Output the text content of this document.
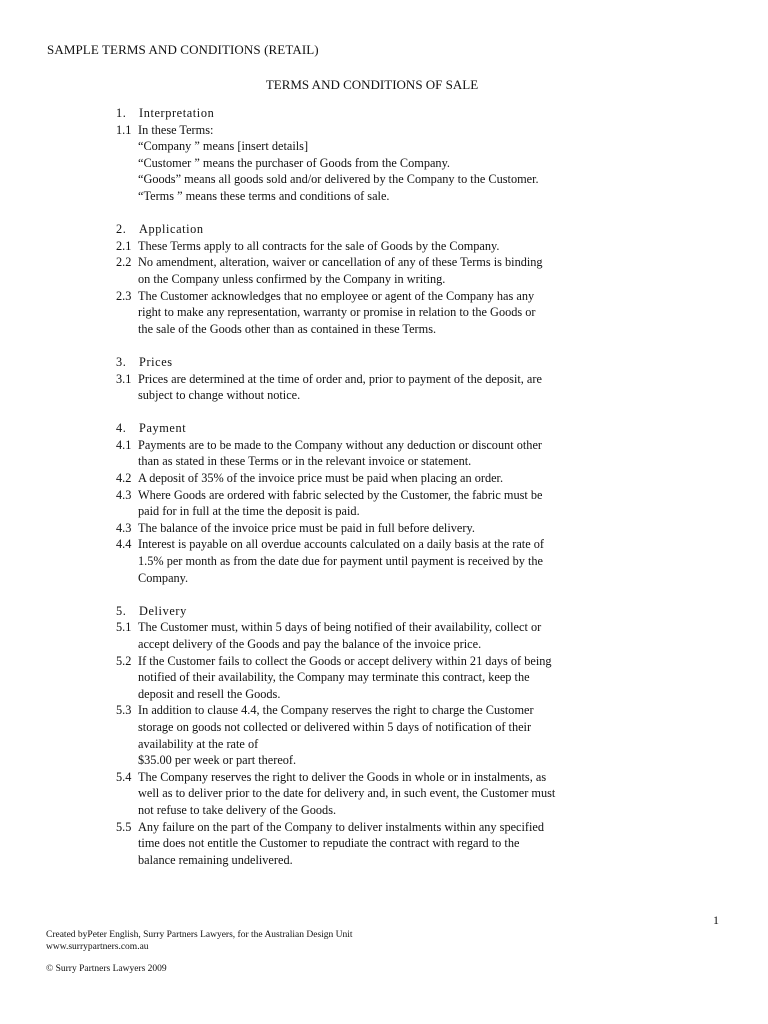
SAMPLE TERMS AND CONDITIONS (RETAIL)
TERMS AND CONDITIONS OF SALE
1.	Interpretation
1.1 In these Terms:
“Company ” means [insert details]
“Customer ” means the purchaser of Goods from the Company.
“Goods” means all goods sold and/or delivered by the Company to the Customer.
“Terms ” means these terms and conditions of sale.
2.	Application
2.1 These Terms apply to all contracts for the sale of Goods by the Company.
2.2 No amendment, alteration, waiver or cancellation of any of these Terms is binding
on the Company unless confirmed by the Company in writing.
2.3 The Customer acknowledges that no employee or agent of the Company has any
right to make any representation, warranty or promise in relation to the Goods or
the sale of the Goods other than as contained in these Terms.
3.	Prices
3.1 Prices are determined at the time of order and, prior to payment of the deposit, are
subject to change without notice.
4.	Payment
4.1 Payments are to be made to the Company without any deduction or discount other
than as stated in these Terms or in the relevant invoice or statement.
4.2 A deposit of 35% of the invoice price must be paid when placing an order.
4.3 Where Goods are ordered with fabric selected by the Customer, the fabric must be
paid for in full at the time the deposit is paid.
4.3 The balance of the invoice price must be paid in full before delivery.
4.4 Interest is payable on all overdue accounts calculated on a daily basis at the rate of
1.5% per month as from the date due for payment until payment is received by the
Company.
5.	Delivery
5.1 The Customer must, within 5 days of being notified of their availability, collect or
accept delivery of the Goods and pay the balance of the invoice price.
5.2 If the Customer fails to collect the Goods or accept delivery within 21 days of being
notified of their availability, the Company may terminate this contract, keep the
deposit and resell the Goods.
5.3 In addition to clause 4.4, the Company reserves the right to charge the Customer
storage on goods not collected or delivered within 5 days of notification of their
availability at the rate of
$35.00 per week or part thereof.
5.4 The Company reserves the right to deliver the Goods in whole or in instalments, as
well as to deliver prior to the date for delivery and, in such event, the Customer must
not refuse to take delivery of the Goods.
5.5 Any failure on the part of the Company to deliver instalments within any specified
time does not entitle the Customer to repudiate the contract with regard to the
balance remaining undelivered.
1
Created byPeter English, Surry Partners Lawyers, for the Australian Design Unit
www.surrypartners.com.au
© Surry Partners Lawyers 2009
